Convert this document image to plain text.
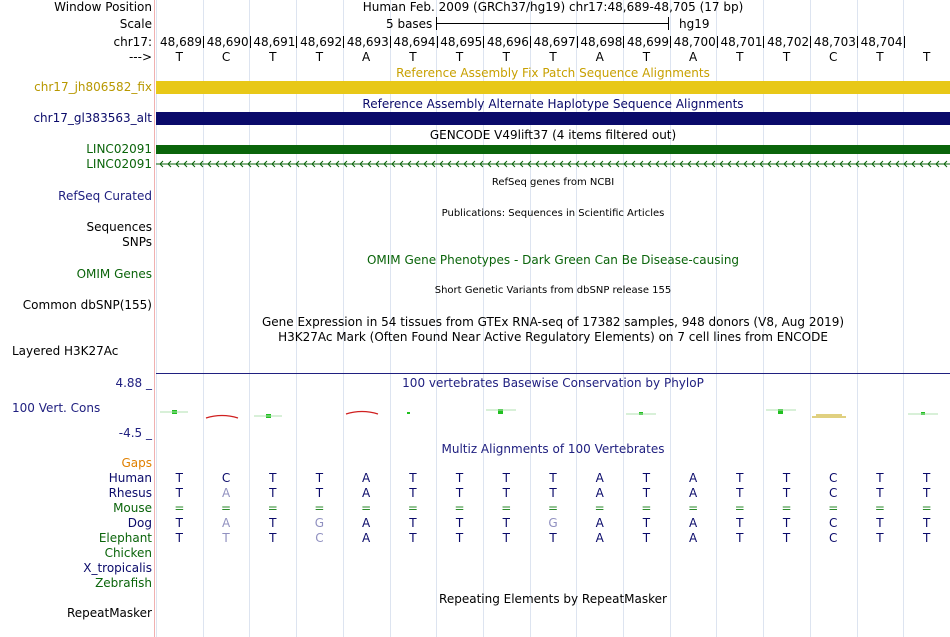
Window Position	Human Feb. 2009 (GRCh37/hg19) chr17:48,689-48,705 (17 bp)
Scale	5 bases	hg19
chr17: 48,689 48,690 48,691 48,692 48,693 48,694 48,695 48,696 48,697 48,698 48,699 48,700 48,701 48,702 48,703 48,704
--->	T	C	T	T	A	T	T	T	T	A	T	A	T	T	C	T	T
Reference Assembly Fix Patch Sequence Alignments
chr17_jh806582_fix
Reference Assembly Alternate Haplotype Sequence Alignments
chr17_gl383563_alt
GENCODE V49lift37 (4 items filtered out)
LINC02091
LINC02091
RefSeq genes from NCBI
RefSeq Curated
Publications: Sequences in Scientific Articles
Sequences
SNPs
OMIM Gene Phenotypes - Dark Green Can Be Disease-causing
OMIM Genes
Short Genetic Variants from dbSNP release 155
Common dbSNP(155)
Gene Expression in 54 tissues from GTEx RNA-seq of 17382 samples, 948 donors (V8, Aug 2019)
H3K27Ac Mark (Often Found Near Active Regulatory Elements) on 7 cell lines from ENCODE
Layered H3K27Ac
100 vertebrates Basewise Conservation by PhyloP
4.88 _
100 Vert. Cons
-4.5 _
Multiz Alignments of 100 Vertebrates
Gaps
Human	T	C	T	T	A	T	T	T	T	A	T	A	T	T	C	T	T
Rhesus	T	A	T	T	A	T	T	T	T	A	T	A	T	T	C	T	T
Mouse	=	=	=	=	=	=	=	=	=	=	=	=	=	=	=	=	=
Dog	T	A	T	G	A	T	T	T	G	A	T	A	T	T	C	T	T
Elephant	T	T	T	C	A	T	T	T	T	A	T	A	T	T	C	T	T
Chicken
X_tropicalis
Zebrafish
Repeating Elements by RepeatMasker
RepeatMasker
